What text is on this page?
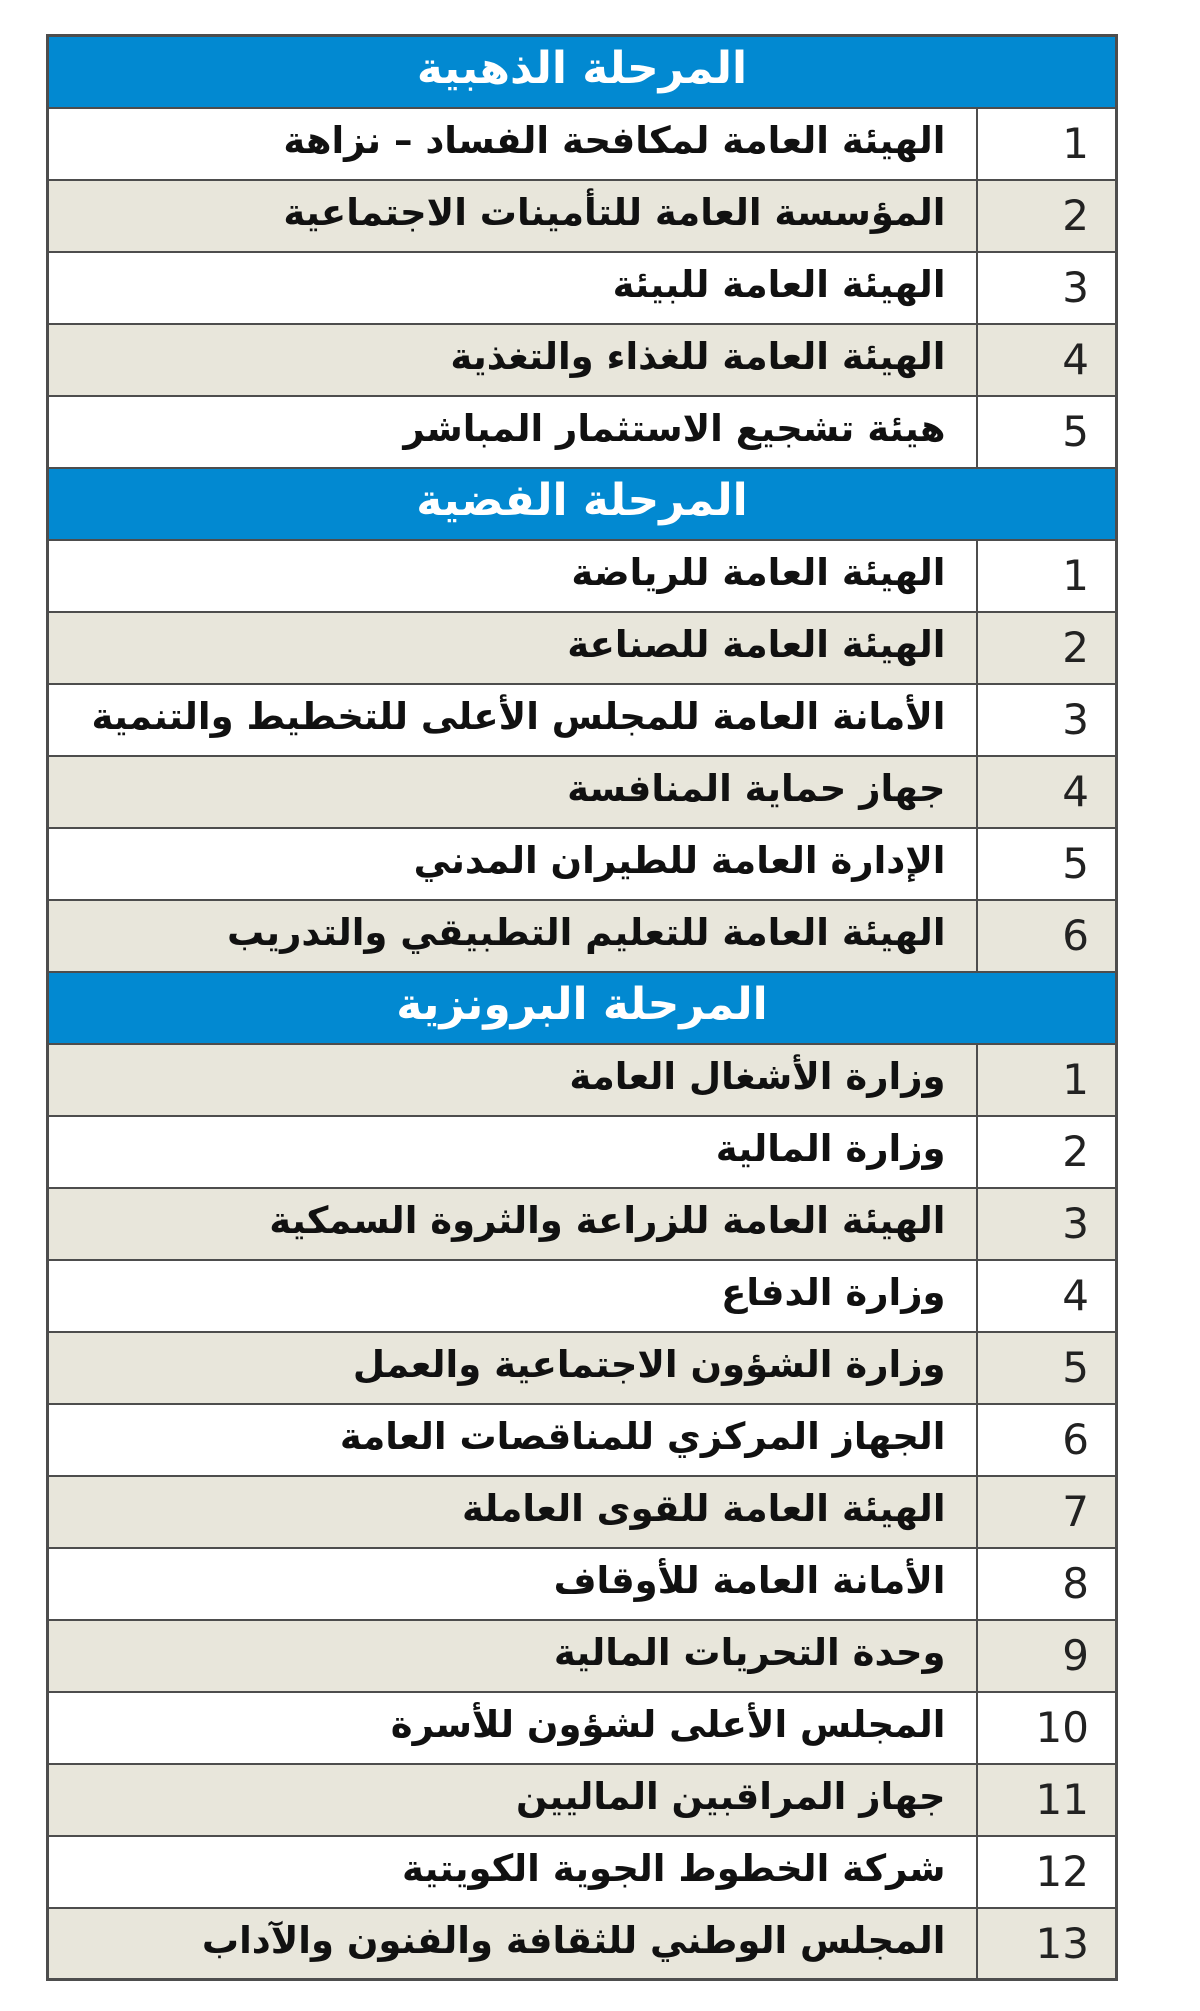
المرحلة الذهبية	
1	الهيئة العامة لمكافحة الفساد – نزاهة
2	المؤسسة العامة للتأمينات الاجتماعية
3	الهيئة العامة للبيئة
4	الهيئة العامة للغذاء والتغذية
5	هيئة تشجيع الاستثمار المباشر
المرحلة الفضية	
1	الهيئة العامة للرياضة
2	الهيئة العامة للصناعة
3	الأمانة العامة للمجلس الأعلى للتخطيط والتنمية
4	جهاز حماية المنافسة
5	الإدارة العامة للطيران المدني
6	الهيئة العامة للتعليم التطبيقي والتدريب
المرحلة البرونزية	
1	وزارة الأشغال العامة
2	وزارة المالية
3	الهيئة العامة للزراعة والثروة السمكية
4	وزارة الدفاع
5	وزارة الشؤون الاجتماعية والعمل
6	الجهاز المركزي للمناقصات العامة
7	الهيئة العامة للقوى العاملة
8	الأمانة العامة للأوقاف
9	وحدة التحريات المالية
10	المجلس الأعلى لشؤون للأسرة
11	جهاز المراقبين الماليين
12	شركة الخطوط الجوية الكويتية
13	المجلس الوطني للثقافة والفنون والآداب
